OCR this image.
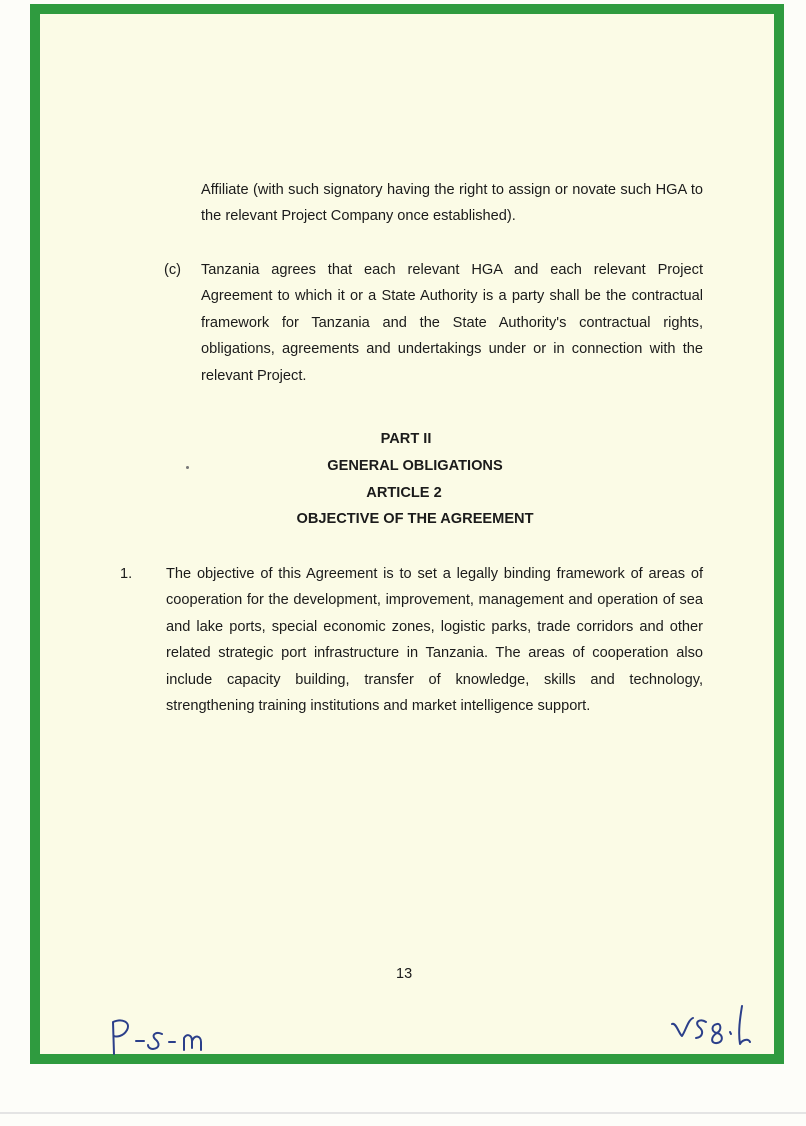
Affiliate (with such signatory having the right to assign or novate such HGA to the relevant Project Company once established).

(c) Tanzania agrees that each relevant HGA and each relevant Project Agreement to which it or a State Authority is a party shall be the contractual framework for Tanzania and the State Authority's contractual rights, obligations, agreements and undertakings under or in connection with the relevant Project.

PART II

GENERAL OBLIGATIONS

ARTICLE 2

OBJECTIVE OF THE AGREEMENT

1. The objective of this Agreement is to set a legally binding framework of areas of cooperation for the development, improvement, management and operation of sea and lake ports, special economic zones, logistic parks, trade corridors and other related strategic port infrastructure in Tanzania. The areas of cooperation also include capacity building, transfer of knowledge, skills and technology, strengthening training institutions and market intelligence support.

13
